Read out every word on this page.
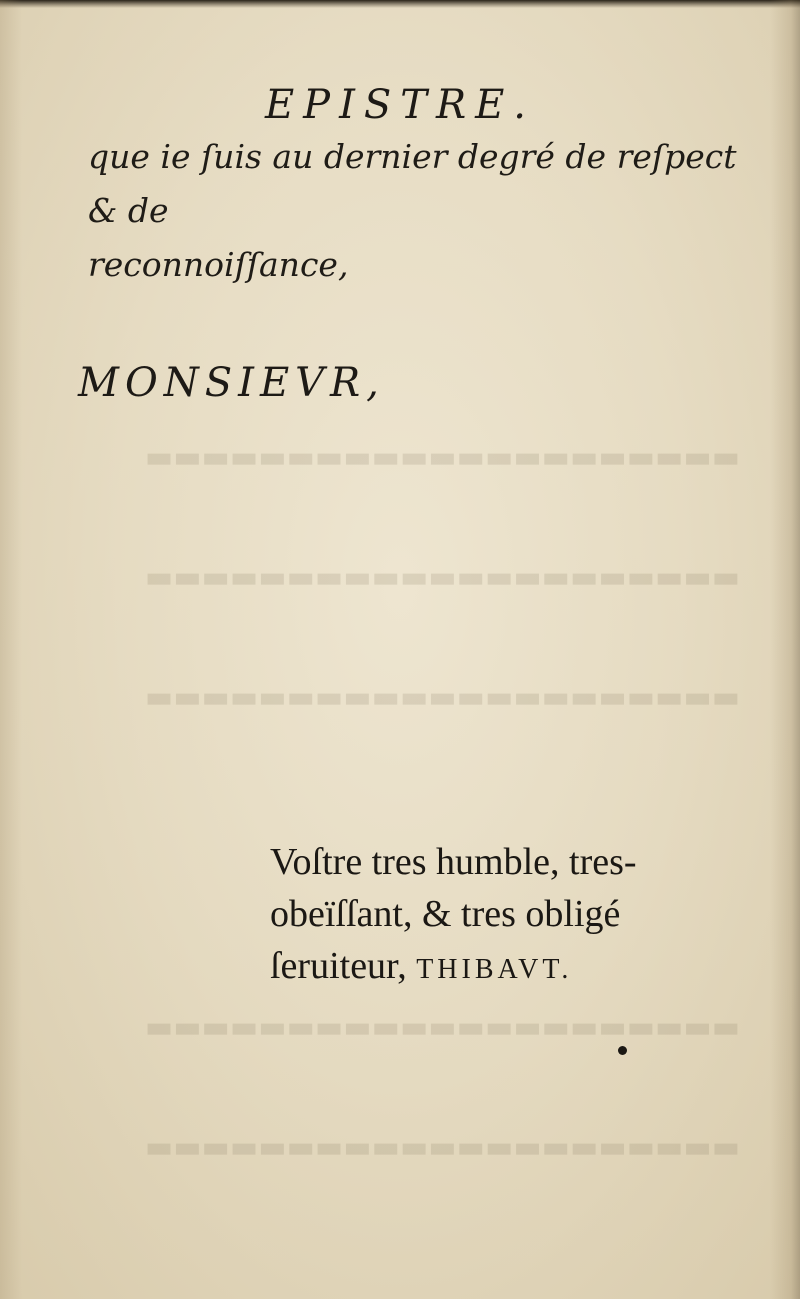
▬▬▬▬▬▬▬▬▬▬▬▬▬▬▬▬▬▬▬▬▬
▬▬▬▬▬▬▬▬▬▬▬▬▬▬▬▬▬▬▬▬▬
▬▬▬▬▬▬▬▬▬▬▬▬▬▬▬▬▬▬▬▬▬
▬▬▬▬▬▬▬▬▬▬▬▬▬▬▬▬▬▬▬▬▬
▬▬▬▬▬▬▬▬▬▬▬▬▬▬▬▬▬▬▬▬▬
EPISTRE.
que ie ſuis au dernier degré de reſpect & de
reconnoiſſance,
MONSIEVR,
Voſtre tres humble, tres-
obeïſſant, & tres obligé
ſeruiteur, THIBAVT.
